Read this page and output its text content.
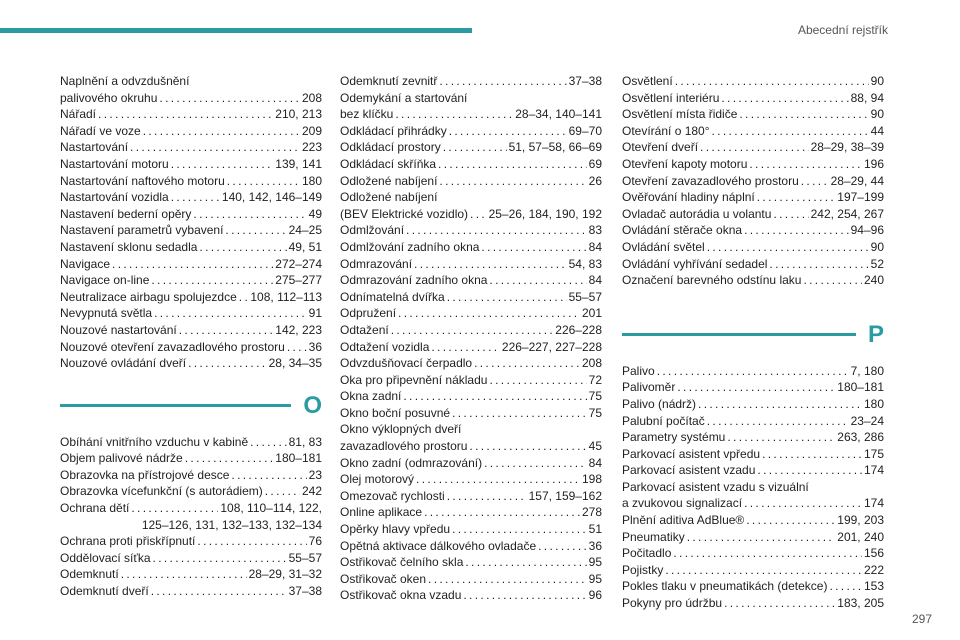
Abecední rejstřík
Naplnění a odvzdušnění
palivového okruhu . . .	208
Nářadí . . .	210, 213
Nářadí ve voze . . .	209
Nastartování . . .	223
Nastartování motoru . . .	139, 141
Nastartování naftového motoru . . .	180
Nastartování vozidla . . .	140, 142, 146–149
Nastavení bederní opěry . . .	49
Nastavení parametrů vybavení . . .	24–25
Nastavení sklonu sedadla . . .	49, 51
Navigace . . .	272–274
Navigace on-line . . .	275–277
Neutralizace airbagu spolujezdce . . . 108, 112–113
Nevypnutá světla . . .	91
Nouzové nastartování . . .	142, 223
Nouzové otevření zavazadlového prostoru . . . 36
Nouzové ovládání dveří . . .	28, 34–35
O
Obíhání vnitřního vzduchu v kabině . . .	81, 83
Objem palivové nádrže . . .	180–181
Obrazovka na přístrojové desce . . .	23
Obrazovka vícefunkční (s autorádiem) . . .	242
Ochrana dětí . . .	108, 110–114, 122,
125–126, 131, 132–133, 132–134
Ochrana proti přiskřípnutí . . .	76
Oddělovací síťka . . .	55–57
Odemknutí . . .	28–29, 31–32
Odemknutí dveří . . .	37–38
Odemknutí zevnitř . . .	37–38
Odemykání a startování
bez klíčku . . .	28–34, 140–141
Odkládací přihrádky . . .	69–70
Odkládací prostory . . .	51, 57–58, 66–69
Odkládací skříňka . . .	69
Odložené nabíjení . . .	26
Odložené nabíjení
(BEV Elektrické vozidlo) . . . 25–26, 184, 190, 192
Odmlžování . . .	83
Odmlžování zadního okna . . .	84
Odmrazování . . .	54, 83
Odmrazování zadního okna . . .	84
Odnímatelná dvířka . . .	55–57
Odpružení . . .	201
Odtažení . . .	226–228
Odtažení vozidla . . .	226–227, 227–228
Odvzdušňovací čerpadlo . . .	208
Oka pro připevnění nákladu . . .	72
Okna zadní . . .	75
Okno boční posuvné . . .	75
Okno výklopných dveří
zavazadlového prostoru . . .	45
Okno zadní (odmrazování) . . .	84
Olej motorový . . .	198
Omezovač rychlosti . . .	157, 159–162
Online aplikace . . .	278
Opěrky hlavy vpředu . . .	51
Opětná aktivace dálkového ovladače . . .	36
Ostřikovač čelního skla . . .	95
Ostřikovač oken . . .	95
Ostřikovač okna vzadu . . .	96
Osvětlení . . .	90
Osvětlení interiéru . . .	88, 94
Osvětlení místa řidiče . . .	90
Otevírání o 180° . . .	44
Otevření dveří . . .	28–29, 38–39
Otevření kapoty motoru . . .	196
Otevření zavazadlového prostoru . . .	28–29, 44
Ověřování hladiny náplní . . .	197–199
Ovladač autorádia u volantu . . .	242, 254, 267
Ovládání stěrače okna . . .	94–96
Ovládání světel . . .	90
Ovládání vyhřívání sedadel . . .	52
Označení barevného odstínu laku . . .	240
P
Palivo . . .	7, 180
Palivoměr . . .	180–181
Palivo (nádrž) . . .	180
Palubní počítač . . .	23–24
Parametry systému . . .	263, 286
Parkovací asistent vpředu . . .	175
Parkovací asistent vzadu . . .	174
Parkovací asistent vzadu s vizuální
a zvukovou signalizací . . .	174
Plnění aditiva AdBlue® . . .	199, 203
Pneumatiky . . .	201, 240
Počitadlo . . .	156
Pojistky . . .	222
Pokles tlaku v pneumatikách (detekce) . . .	153
Pokyny pro údržbu . . .	183, 205
297
